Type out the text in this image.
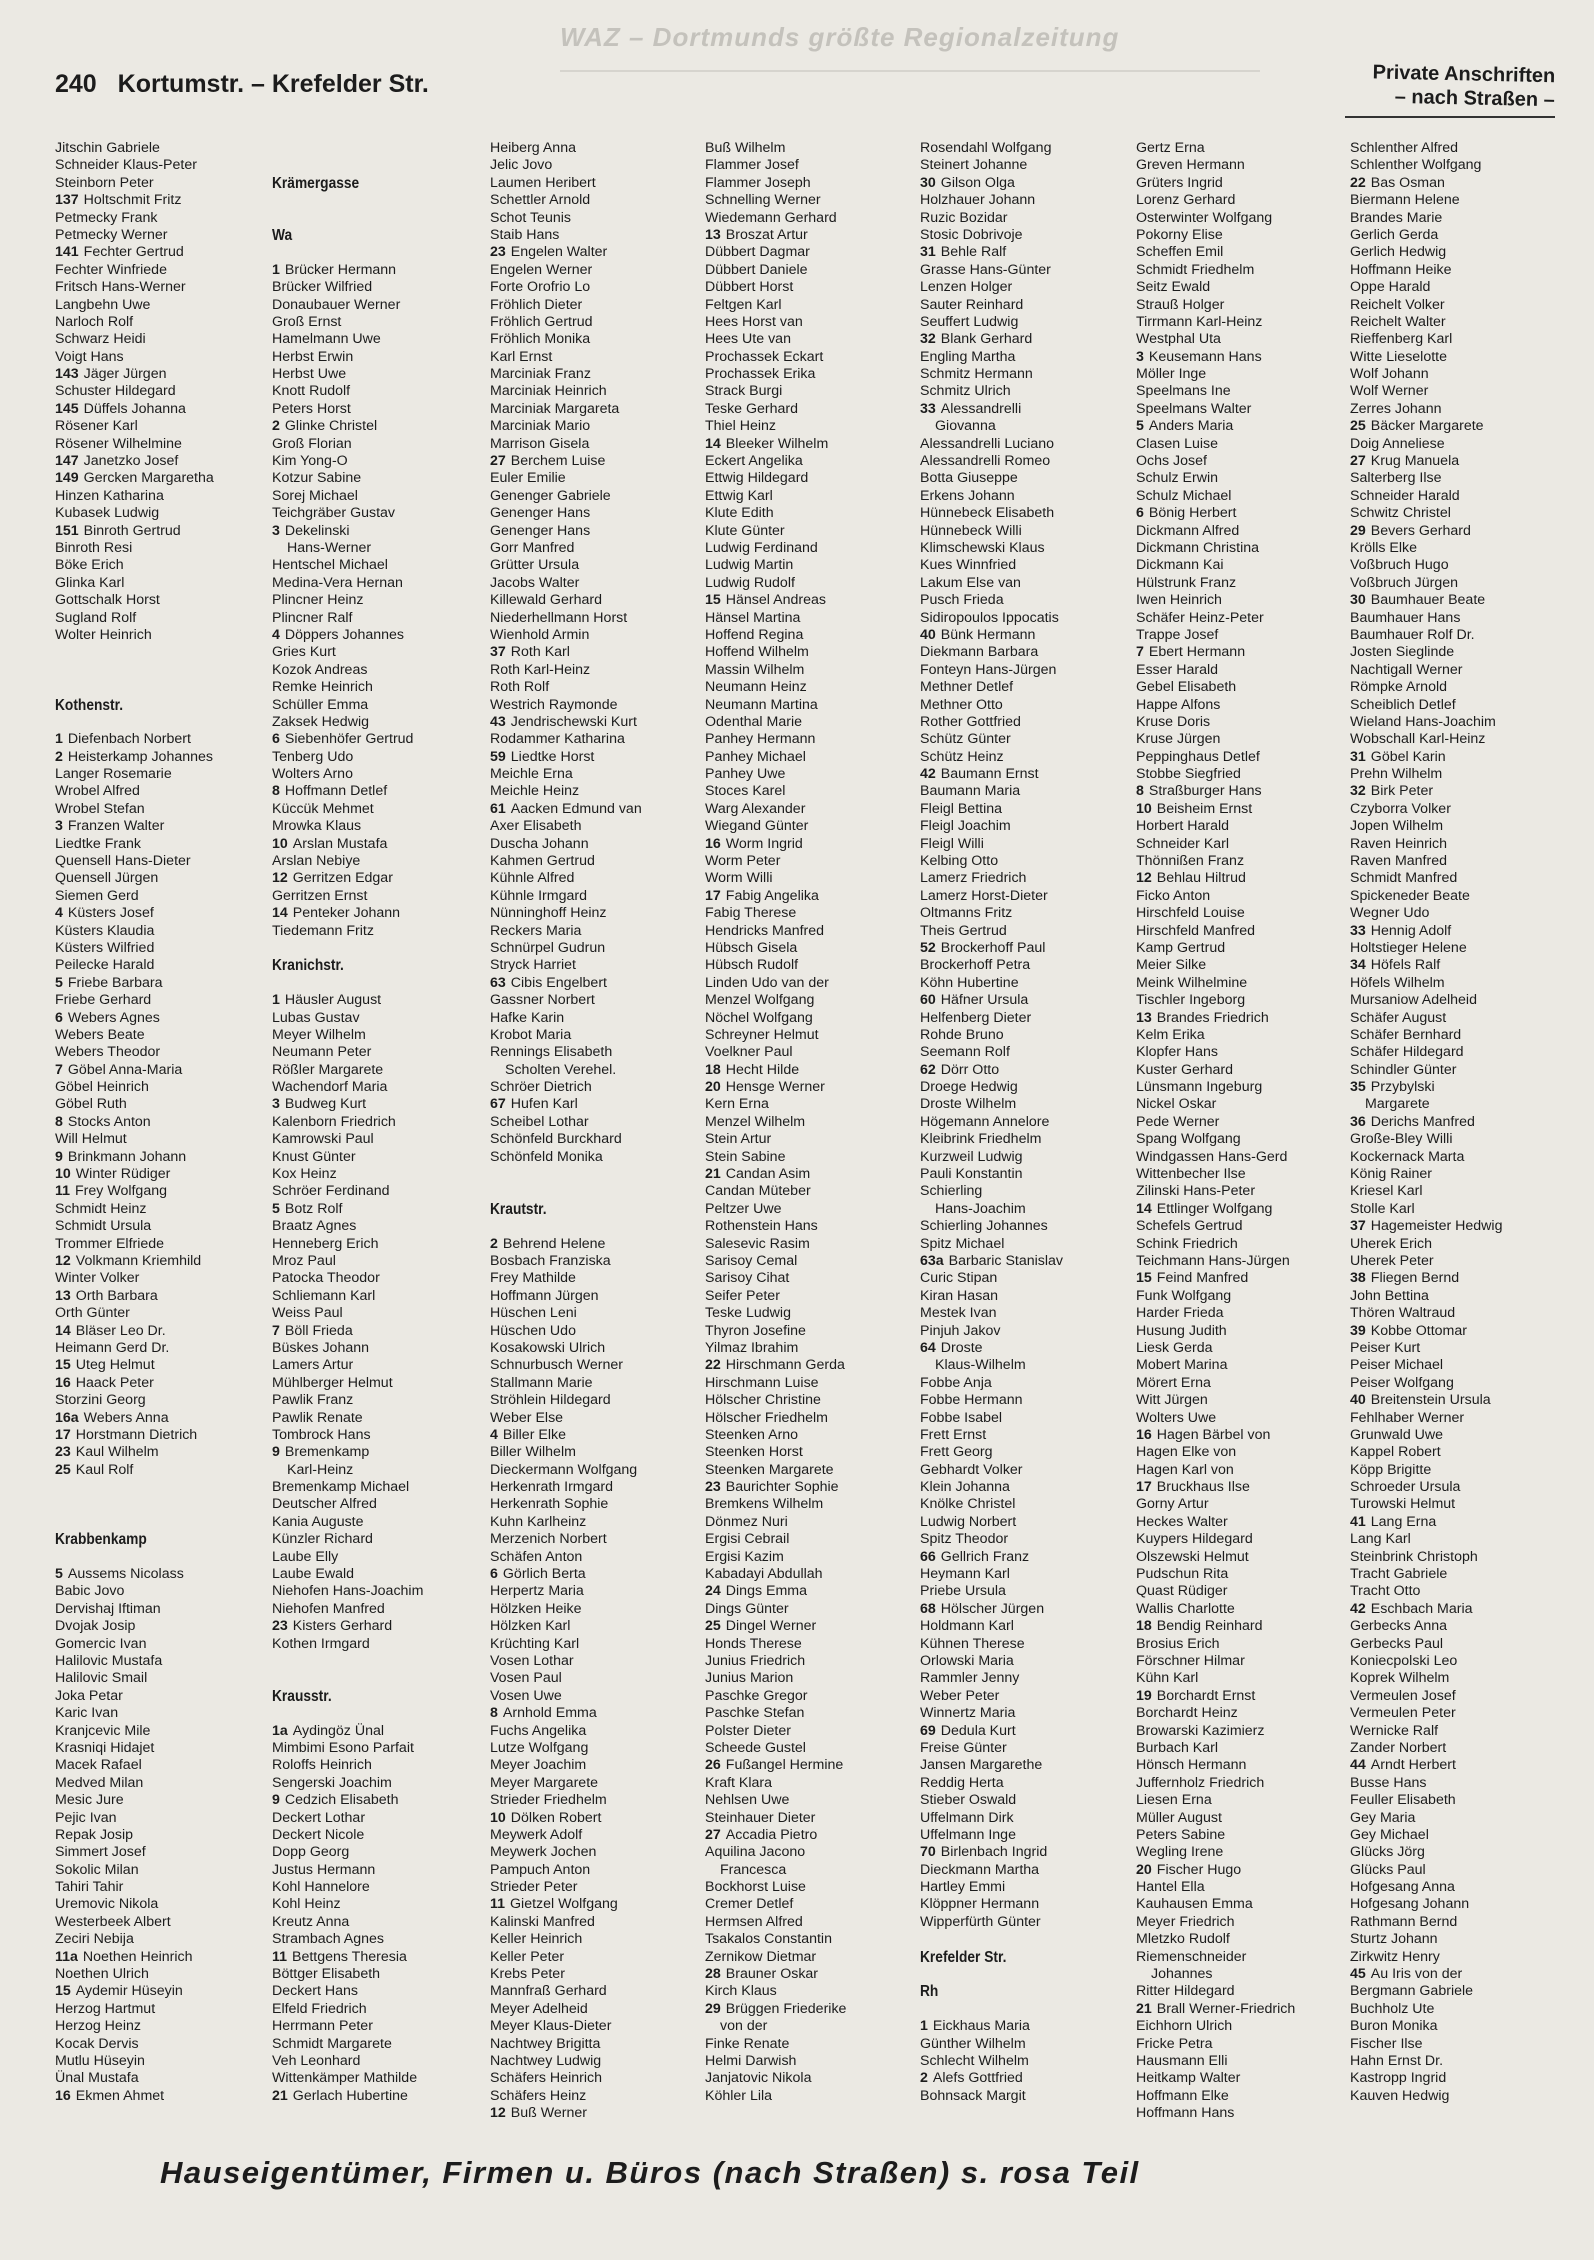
WAZ – Dortmunds größte Regionalzeitung
240 Kortumstr. – Krefelder Str.	Private Anschriften
– nach Straßen –
Jitschin Gabriele
Schneider Klaus-Peter
Steinborn Peter
137 Holtschmit Fritz
Petmecky Frank
Petmecky Werner
141 Fechter Gertrud
Fechter Winfriede
Fritsch Hans-Werner
Langbehn Uwe
Narloch Rolf
Schwarz Heidi
Voigt Hans
143 Jäger Jürgen
Schuster Hildegard
145 Düffels Johanna
Rösener Karl
Rösener Wilhelmine
147 Janetzko Josef
149 Gercken Margaretha
Hinzen Katharina
Kubasek Ludwig
151 Binroth Gertrud
Binroth Resi
Böke Erich
Glinka Karl
Gottschalk Horst
Sugland Rolf
Wolter Heinrich
Kothenstr.
1 Diefenbach Norbert
2 Heisterkamp Johannes
Langer Rosemarie
Wrobel Alfred
Wrobel Stefan
3 Franzen Walter
Liedtke Frank
Quensell Hans-Dieter
Quensell Jürgen
Siemen Gerd
4 Küsters Josef
Küsters Klaudia
Küsters Wilfried
Peilecke Harald
5 Friebe Barbara
Friebe Gerhard
6 Webers Agnes
Webers Beate
Webers Theodor
7 Göbel Anna-Maria
Göbel Heinrich
Göbel Ruth
8 Stocks Anton
Will Helmut
9 Brinkmann Johann
10 Winter Rüdiger
11 Frey Wolfgang
Schmidt Heinz
Schmidt Ursula
Trommer Elfriede
12 Volkmann Kriemhild
Winter Volker
13 Orth Barbara
Orth Günter
14 Bläser Leo Dr.
Heimann Gerd Dr.
15 Uteg Helmut
16 Haack Peter
Storzini Georg
16a Webers Anna
17 Horstmann Dietrich
23 Kaul Wilhelm
25 Kaul Rolf
Krabbenkamp
5 Aussems Nicolass
Babic Jovo
Dervishaj Iftiman
Dvojak Josip
Gomercic Ivan
Halilovic Mustafa
Halilovic Smail
Joka Petar
Karic Ivan
Kranjcevic Mile
Krasniqi Hidajet
Macek Rafael
Medved Milan
Mesic Jure
Pejic Ivan
Repak Josip
Simmert Josef
Sokolic Milan
Tahiri Tahir
Uremovic Nikola
Westerbeek Albert
Zeciri Nebija
11a Noethen Heinrich
Noethen Ulrich
15 Aydemir Hüseyin
Herzog Hartmut
Herzog Heinz
Kocak Dervis
Mutlu Hüseyin
Ünal Mustafa
16 Ekmen Ahmet
Krämergasse
Wa
1 Brücker Hermann
Brücker Wilfried
Donaubauer Werner
Groß Ernst
Hamelmann Uwe
Herbst Erwin
Herbst Uwe
Knott Rudolf
Peters Horst
2 Glinke Christel
Groß Florian
Kim Yong-O
Kotzur Sabine
Sorej Michael
Teichgräber Gustav
3 Dekelinski
Hans-Werner
Hentschel Michael
Medina-Vera Hernan
Plincner Heinz
Plincner Ralf
4 Döppers Johannes
Gries Kurt
Kozok Andreas
Remke Heinrich
Schüller Emma
Zaksek Hedwig
6 Siebenhöfer Gertrud
Tenberg Udo
Wolters Arno
8 Hoffmann Detlef
Küccük Mehmet
Mrowka Klaus
10 Arslan Mustafa
Arslan Nebiye
12 Gerritzen Edgar
Gerritzen Ernst
14 Penteker Johann
Tiedemann Fritz
Kranichstr.
1 Häusler August
Lubas Gustav
Meyer Wilhelm
Neumann Peter
Rößler Margarete
Wachendorf Maria
3 Budweg Kurt
Kalenborn Friedrich
Kamrowski Paul
Knust Günter
Kox Heinz
Schröer Ferdinand
5 Botz Rolf
Braatz Agnes
Henneberg Erich
Mroz Paul
Patocka Theodor
Schliemann Karl
Weiss Paul
7 Böll Frieda
Büskes Johann
Lamers Artur
Mühlberger Helmut
Pawlik Franz
Pawlik Renate
Tombrock Hans
9 Bremenkamp
Karl-Heinz
Bremenkamp Michael
Deutscher Alfred
Kania Auguste
Künzler Richard
Laube Elly
Laube Ewald
Niehofen Hans-Joachim
Niehofen Manfred
23 Kisters Gerhard
Kothen Irmgard
Krausstr.
1a Aydingöz Ünal
Mimbimi Esono Parfait
Roloffs Heinrich
Sengerski Joachim
9 Cedzich Elisabeth
Deckert Lothar
Deckert Nicole
Dopp Georg
Justus Hermann
Kohl Hannelore
Kohl Heinz
Kreutz Anna
Strambach Agnes
11 Bettgens Theresia
Böttger Elisabeth
Deckert Hans
Elfeld Friedrich
Herrmann Peter
Schmidt Margarete
Veh Leonhard
Wittenkämper Mathilde
21 Gerlach Hubertine
Heiberg Anna
Jelic Jovo
Laumen Heribert
Schettler Arnold
Schot Teunis
Staib Hans
23 Engelen Walter
Engelen Werner
Forte Orofrio Lo
Fröhlich Dieter
Fröhlich Gertrud
Fröhlich Monika
Karl Ernst
Marciniak Franz
Marciniak Heinrich
Marciniak Margareta
Marciniak Mario
Marrison Gisela
27 Berchem Luise
Euler Emilie
Genenger Gabriele
Genenger Hans
Genenger Hans
Gorr Manfred
Grütter Ursula
Jacobs Walter
Killewald Gerhard
Niederhellmann Horst
Wienhold Armin
37 Roth Karl
Roth Karl-Heinz
Roth Rolf
Westrich Raymonde
43 Jendrischewski Kurt
Rodammer Katharina
59 Liedtke Horst
Meichle Erna
Meichle Heinz
61 Aacken Edmund van
Axer Elisabeth
Duscha Johann
Kahmen Gertrud
Kühnle Alfred
Kühnle Irmgard
Nünninghoff Heinz
Reckers Maria
Schnürpel Gudrun
Stryck Harriet
63 Cibis Engelbert
Gassner Norbert
Hafke Karin
Krobot Maria
Rennings Elisabeth
Scholten Verehel.
Schröer Dietrich
67 Hufen Karl
Scheibel Lothar
Schönfeld Burckhard
Schönfeld Monika
Krautstr.
2 Behrend Helene
Bosbach Franziska
Frey Mathilde
Hoffmann Jürgen
Hüschen Leni
Hüschen Udo
Kosakowski Ulrich
Schnurbusch Werner
Stallmann Marie
Ströhlein Hildegard
Weber Else
4 Biller Elke
Biller Wilhelm
Dieckermann Wolfgang
Herkenrath Irmgard
Herkenrath Sophie
Kuhn Karlheinz
Merzenich Norbert
Schäfen Anton
6 Görlich Berta
Herpertz Maria
Hölzken Heike
Hölzken Karl
Krüchting Karl
Vosen Lothar
Vosen Paul
Vosen Uwe
8 Arnhold Emma
Fuchs Angelika
Lutze Wolfgang
Meyer Joachim
Meyer Margarete
Strieder Friedhelm
10 Dölken Robert
Meywerk Adolf
Meywerk Jochen
Pampuch Anton
Strieder Peter
11 Gietzel Wolfgang
Kalinski Manfred
Keller Heinrich
Keller Peter
Krebs Peter
Mannfraß Gerhard
Meyer Adelheid
Meyer Klaus-Dieter
Nachtwey Brigitta
Nachtwey Ludwig
Schäfers Heinrich
Schäfers Heinz
12 Buß Werner
Buß Wilhelm
Flammer Josef
Flammer Joseph
Schnelling Werner
Wiedemann Gerhard
13 Broszat Artur
Dübbert Dagmar
Dübbert Daniele
Dübbert Horst
Feltgen Karl
Hees Horst van
Hees Ute van
Prochassek Eckart
Prochassek Erika
Strack Burgi
Teske Gerhard
Thiel Heinz
14 Bleeker Wilhelm
Eckert Angelika
Ettwig Hildegard
Ettwig Karl
Klute Edith
Klute Günter
Ludwig Ferdinand
Ludwig Martin
Ludwig Rudolf
15 Hänsel Andreas
Hänsel Martina
Hoffend Regina
Hoffend Wilhelm
Massin Wilhelm
Neumann Heinz
Neumann Martina
Odenthal Marie
Panhey Hermann
Panhey Michael
Panhey Uwe
Stoces Karel
Warg Alexander
Wiegand Günter
16 Worm Ingrid
Worm Peter
Worm Willi
17 Fabig Angelika
Fabig Therese
Hendricks Manfred
Hübsch Gisela
Hübsch Rudolf
Linden Udo van der
Menzel Wolfgang
Nöchel Wolfgang
Schreyner Helmut
Voelkner Paul
18 Hecht Hilde
20 Hensge Werner
Kern Erna
Menzel Wilhelm
Stein Artur
Stein Sabine
21 Candan Asim
Candan Müteber
Peltzer Uwe
Rothenstein Hans
Salesevic Rasim
Sarisoy Cemal
Sarisoy Cihat
Seifer Peter
Teske Ludwig
Thyron Josefine
Yilmaz Ibrahim
22 Hirschmann Gerda
Hirschmann Luise
Hölscher Christine
Hölscher Friedhelm
Steenken Arno
Steenken Horst
Steenken Margarete
23 Baurichter Sophie
Bremkens Wilhelm
Dönmez Nuri
Ergisi Cebrail
Ergisi Kazim
Kabadayi Abdullah
24 Dings Emma
Dings Günter
25 Dingel Werner
Honds Therese
Junius Friedrich
Junius Marion
Paschke Gregor
Paschke Stefan
Polster Dieter
Scheede Gustel
26 Fußangel Hermine
Kraft Klara
Nehlsen Uwe
Steinhauer Dieter
27 Accadia Pietro
Aquilina Jacono
Francesca
Bockhorst Luise
Cremer Detlef
Hermsen Alfred
Tsakalos Constantin
Zernikow Dietmar
28 Brauner Oskar
Kirch Klaus
29 Brüggen Friederike
von der
Finke Renate
Helmi Darwish
Janjatovic Nikola
Köhler Lila
Rosendahl Wolfgang
Steinert Johanne
30 Gilson Olga
Holzhauer Johann
Ruzic Bozidar
Stosic Dobrivoje
31 Behle Ralf
Grasse Hans-Günter
Lenzen Holger
Sauter Reinhard
Seuffert Ludwig
32 Blank Gerhard
Engling Martha
Schmitz Hermann
Schmitz Ulrich
33 Alessandrelli
Giovanna
Alessandrelli Luciano
Alessandrelli Romeo
Botta Giuseppe
Erkens Johann
Hünnebeck Elisabeth
Hünnebeck Willi
Klimschewski Klaus
Kues Winnfried
Lakum Else van
Pusch Frieda
Sidiropoulos Ippocatis
40 Bünk Hermann
Diekmann Barbara
Fonteyn Hans-Jürgen
Methner Detlef
Methner Otto
Rother Gottfried
Schütz Günter
Schütz Heinz
42 Baumann Ernst
Baumann Maria
Fleigl Bettina
Fleigl Joachim
Fleigl Willi
Kelbing Otto
Lamerz Friedrich
Lamerz Horst-Dieter
Oltmanns Fritz
Theis Gertrud
52 Brockerhoff Paul
Brockerhoff Petra
Köhn Hubertine
60 Häfner Ursula
Helfenberg Dieter
Rohde Bruno
Seemann Rolf
62 Dörr Otto
Droege Hedwig
Droste Wilhelm
Högemann Annelore
Kleibrink Friedhelm
Kurzweil Ludwig
Pauli Konstantin
Schierling
Hans-Joachim
Schierling Johannes
Spitz Michael
63a Barbaric Stanislav
Curic Stipan
Kiran Hasan
Mestek Ivan
Pinjuh Jakov
64 Droste
Klaus-Wilhelm
Fobbe Anja
Fobbe Hermann
Fobbe Isabel
Frett Ernst
Frett Georg
Gebhardt Volker
Klein Johanna
Knölke Christel
Ludwig Norbert
Spitz Theodor
66 Gellrich Franz
Heymann Karl
Priebe Ursula
68 Hölscher Jürgen
Holdmann Karl
Kühnen Therese
Orlowski Maria
Rammler Jenny
Weber Peter
Winnertz Maria
69 Dedula Kurt
Freise Günter
Jansen Margarethe
Reddig Herta
Stieber Oswald
Uffelmann Dirk
Uffelmann Inge
70 Birlenbach Ingrid
Dieckmann Martha
Hartley Emmi
Klöppner Hermann
Wipperfürth Günter
Krefelder Str.
Rh
1 Eickhaus Maria
Günther Wilhelm
Schlecht Wilhelm
2 Alefs Gottfried
Bohnsack Margit
Gertz Erna
Greven Hermann
Grüters Ingrid
Lorenz Gerhard
Osterwinter Wolfgang
Pokorny Elise
Scheffen Emil
Schmidt Friedhelm
Seitz Ewald
Strauß Holger
Tirrmann Karl-Heinz
Westphal Uta
3 Keusemann Hans
Möller Inge
Speelmans Ine
Speelmans Walter
5 Anders Maria
Clasen Luise
Ochs Josef
Schulz Erwin
Schulz Michael
6 Bönig Herbert
Dickmann Alfred
Dickmann Christina
Dickmann Kai
Hülstrunk Franz
Iwen Heinrich
Schäfer Heinz-Peter
Trappe Josef
7 Ebert Hermann
Esser Harald
Gebel Elisabeth
Happe Alfons
Kruse Doris
Kruse Jürgen
Peppinghaus Detlef
Stobbe Siegfried
8 Straßburger Hans
10 Beisheim Ernst
Horbert Harald
Schneider Karl
Thönnißen Franz
12 Behlau Hiltrud
Ficko Anton
Hirschfeld Louise
Hirschfeld Manfred
Kamp Gertrud
Meier Silke
Meink Wilhelmine
Tischler Ingeborg
13 Brandes Friedrich
Kelm Erika
Klopfer Hans
Kuster Gerhard
Lünsmann Ingeburg
Nickel Oskar
Pede Werner
Spang Wolfgang
Windgassen Hans-Gerd
Wittenbecher Ilse
Zilinski Hans-Peter
14 Ettlinger Wolfgang
Schefels Gertrud
Schink Friedrich
Teichmann Hans-Jürgen
15 Feind Manfred
Funk Wolfgang
Harder Frieda
Husung Judith
Liesk Gerda
Mobert Marina
Mörert Erna
Witt Jürgen
Wolters Uwe
16 Hagen Bärbel von
Hagen Elke von
Hagen Karl von
17 Bruckhaus Ilse
Gorny Artur
Heckes Walter
Kuypers Hildegard
Olszewski Helmut
Pudschun Rita
Quast Rüdiger
Wallis Charlotte
18 Bendig Reinhard
Brosius Erich
Förschner Hilmar
Kühn Karl
19 Borchardt Ernst
Borchardt Heinz
Browarski Kazimierz
Burbach Karl
Hönsch Hermann
Juffernholz Friedrich
Liesen Erna
Müller August
Peters Sabine
Wegling Irene
20 Fischer Hugo
Hantel Ella
Kauhausen Emma
Meyer Friedrich
Mletzko Rudolf
Riemenschneider
Johannes
Ritter Hildegard
21 Brall Werner-Friedrich
Eichhorn Ulrich
Fricke Petra
Hausmann Elli
Heitkamp Walter
Hoffmann Elke
Hoffmann Hans
Schlenther Alfred
Schlenther Wolfgang
22 Bas Osman
Biermann Helene
Brandes Marie
Gerlich Gerda
Gerlich Hedwig
Hoffmann Heike
Oppe Harald
Reichelt Volker
Reichelt Walter
Rieffenberg Karl
Witte Lieselotte
Wolf Johann
Wolf Werner
Zerres Johann
25 Bäcker Margarete
Doig Anneliese
27 Krug Manuela
Salterberg Ilse
Schneider Harald
Schwitz Christel
29 Bevers Gerhard
Krölls Elke
Voßbruch Hugo
Voßbruch Jürgen
30 Baumhauer Beate
Baumhauer Hans
Baumhauer Rolf Dr.
Josten Sieglinde
Nachtigall Werner
Römpke Arnold
Scheiblich Detlef
Wieland Hans-Joachim
Wobschall Karl-Heinz
31 Göbel Karin
Prehn Wilhelm
32 Birk Peter
Czyborra Volker
Jopen Wilhelm
Raven Heinrich
Raven Manfred
Schmidt Manfred
Spickeneder Beate
Wegner Udo
33 Hennig Adolf
Holtstieger Helene
34 Höfels Ralf
Höfels Wilhelm
Mursaniow Adelheid
Schäfer August
Schäfer Bernhard
Schäfer Hildegard
Schindler Günter
35 Przybylski
Margarete
36 Derichs Manfred
Große-Bley Willi
Kockernack Marta
König Rainer
Kriesel Karl
Stolle Karl
37 Hagemeister Hedwig
Uherek Erich
Uherek Peter
38 Fliegen Bernd
John Bettina
Thören Waltraud
39 Kobbe Ottomar
Peiser Kurt
Peiser Michael
Peiser Wolfgang
40 Breitenstein Ursula
Fehlhaber Werner
Grunwald Uwe
Kappel Robert
Köpp Brigitte
Schroeder Ursula
Turowski Helmut
41 Lang Erna
Lang Karl
Steinbrink Christoph
Tracht Gabriele
Tracht Otto
42 Eschbach Maria
Gerbecks Anna
Gerbecks Paul
Koniecpolski Leo
Koprek Wilhelm
Vermeulen Josef
Vermeulen Peter
Wernicke Ralf
Zander Norbert
44 Arndt Herbert
Busse Hans
Feuller Elisabeth
Gey Maria
Gey Michael
Glücks Jörg
Glücks Paul
Hofgesang Anna
Hofgesang Johann
Rathmann Bernd
Sturtz Johann
Zirkwitz Henry
45 Au Iris von der
Bergmann Gabriele
Buchholz Ute
Buron Monika
Fischer Ilse
Hahn Ernst Dr.
Kastropp Ingrid
Kauven Hedwig
Hauseigentümer, Firmen u. Büros (nach Straßen) s. rosa Teil
